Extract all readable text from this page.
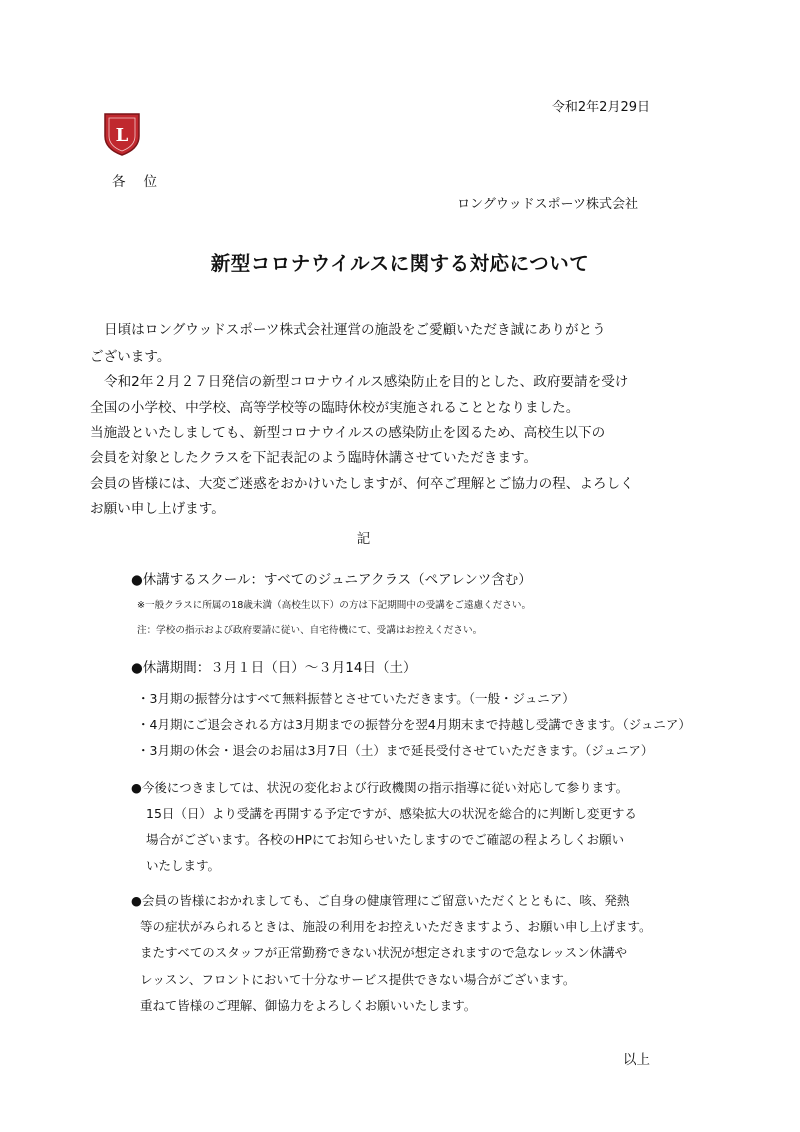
L
令和2年2月29日
各位
ロングウッドスポーツ株式会社
新型コロナウイルスに関する対応について
日頃はロングウッドスポーツ株式会社運営の施設をご愛顧いただき誠にありがとう
ございます。
令和2年２月２７日発信の新型コロナウイルス感染防止を目的とした、政府要請を受け
全国の小学校、中学校、高等学校等の臨時休校が実施されることとなりました。
当施設といたしましても、新型コロナウイルスの感染防止を図るため、高校生以下の
会員を対象としたクラスを下記表記のよう臨時休講させていただきます。
会員の皆様には、大変ご迷惑をおかけいたしますが、何卒ご理解とご協力の程、よろしく
お願い申し上げます。
記
●休講するスクール：すべてのジュニアクラス（ペアレンツ含む）
※一般クラスに所属の18歳未満（高校生以下）の方は下記期間中の受講をご遠慮ください。
注：学校の指示および政府要請に従い、自宅待機にて、受講はお控えください。
●休講期間：３月１日（日）～３月14日（土）
・3月期の振替分はすべて無料振替とさせていただきます。（一般・ジュニア）
・4月期にご退会される方は3月期までの振替分を翌4月期末まで持越し受講できます。（ジュニア）
・3月期の休会・退会のお届は3月7日（土）まで延長受付させていただきます。（ジュニア）
●今後につきましては、状況の変化および行政機関の指示指導に従い対応して参ります。
15日（日）より受講を再開する予定ですが、感染拡大の状況を総合的に判断し変更する
場合がございます。各校のHPにてお知らせいたしますのでご確認の程よろしくお願い
いたします。
●会員の皆様におかれましても、ご自身の健康管理にご留意いただくとともに、咳、発熱
等の症状がみられるときは、施設の利用をお控えいただきますよう、お願い申し上げます。
またすべてのスタッフが正常勤務できない状況が想定されますので急なレッスン休講や
レッスン、フロントにおいて十分なサービス提供できない場合がございます。
重ねて皆様のご理解、御協力をよろしくお願いいたします。
以上
